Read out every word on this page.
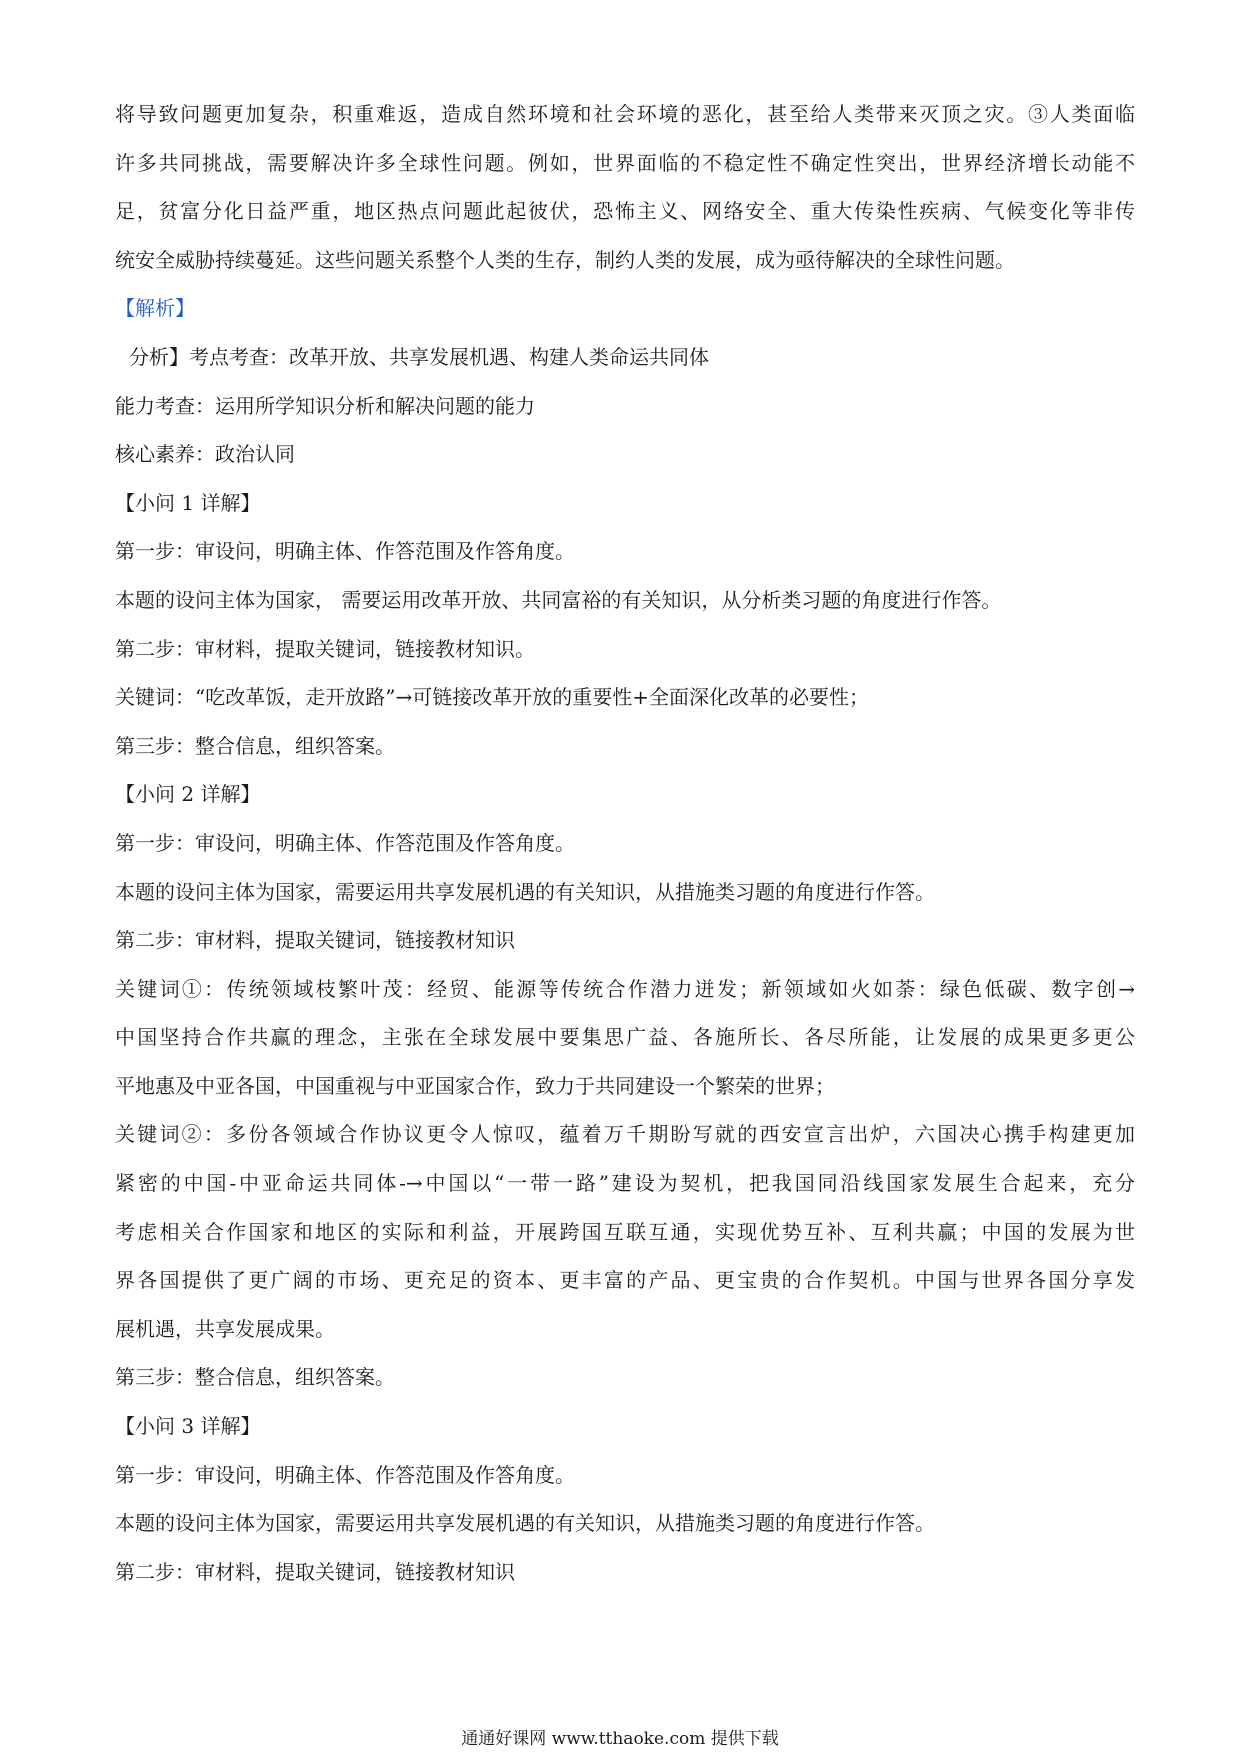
将导致问题更加复杂，积重难返，造成自然环境和社会环境的恶化，甚至给人类带来灭顶之灾。③人类面临
许多共同挑战，需要解决许多全球性问题。例如，世界面临的不稳定性不确定性突出，世界经济增长动能不
足，贫富分化日益严重，地区热点问题此起彼伏，恐怖主义、网络安全、重大传染性疾病、气候变化等非传
统安全威胁持续蔓延。这些问题关系整个人类的生存，制约人类的发展，成为亟待解决的全球性问题。
【解析】
分析】考点考查：改革开放、共享发展机遇、构建人类命运共同体
能力考查：运用所学知识分析和解决问题的能力
核心素养：政治认同
【小问 1 详解】
第一步：审设问，明确主体、作答范围及作答角度。
本题的设问主体为国家， 需要运用改革开放、共同富裕的有关知识，从分析类习题的角度进行作答。
第二步：审材料，提取关键词，链接教材知识。
关键词：“吃改革饭，走开放路”→可链接改革开放的重要性+全面深化改革的必要性；
第三步：整合信息，组织答案。
【小问 2 详解】
第一步：审设问，明确主体、作答范围及作答角度。
本题的设问主体为国家，需要运用共享发展机遇的有关知识，从措施类习题的角度进行作答。
第二步：审材料，提取关键词，链接教材知识
关键词①：传统领域枝繁叶茂：经贸、能源等传统合作潜力迸发；新领域如火如荼：绿色低碳、数字创→
中国坚持合作共赢的理念，主张在全球发展中要集思广益、各施所长、各尽所能，让发展的成果更多更公
平地惠及中亚各国，中国重视与中亚国家合作，致力于共同建设一个繁荣的世界；
关键词②：多份各领域合作协议更令人惊叹，蕴着万千期盼写就的西安宣言出炉，六国决心携手构建更加
紧密的中国-中亚命运共同体-→中国以“一带一路”建设为契机，把我国同沿线国家发展生合起来，充分
考虑相关合作国家和地区的实际和利益，开展跨国互联互通，实现优势互补、互利共赢；中国的发展为世
界各国提供了更广阔的市场、更充足的资本、更丰富的产品、更宝贵的合作契机。中国与世界各国分享发
展机遇，共享发展成果。
第三步：整合信息，组织答案。
【小问 3 详解】
第一步：审设问，明确主体、作答范围及作答角度。
本题的设问主体为国家，需要运用共享发展机遇的有关知识，从措施类习题的角度进行作答。
第二步：审材料，提取关键词，链接教材知识
通通好课网 www.tthaoke.com 提供下载
